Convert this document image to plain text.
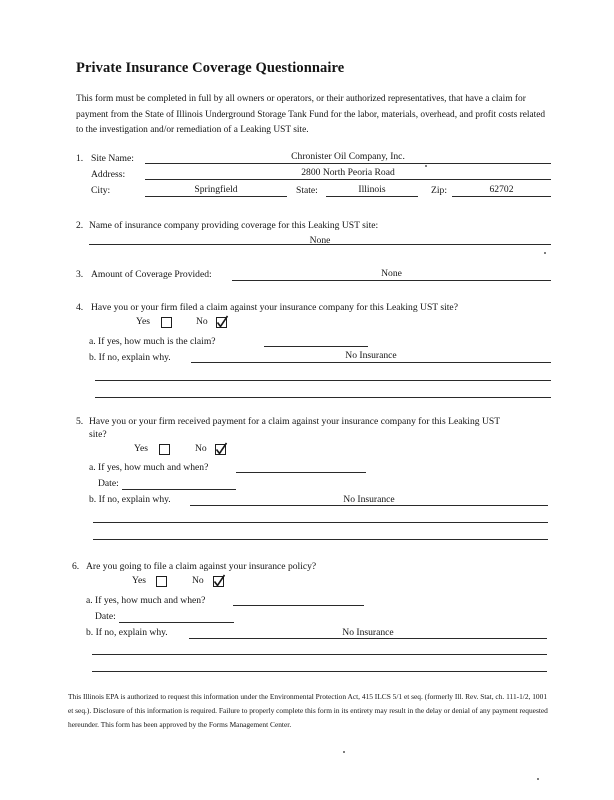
Private Insurance Coverage Questionnaire
This form must be completed in full by all owners or operators, or their authorized representatives, that have a claim for payment from the State of Illinois Underground Storage Tank Fund for the labor, materials, overhead, and profit costs related to the investigation and/or remediation of a Leaking UST site.
1. Site Name:	Chronister Oil Company, Inc.
Address:	2800 North Peoria Road
City:	Springfield	State:	Illinois	Zip:	62702
2. Name of insurance company providing coverage for this Leaking UST site:
None
3. Amount of Coverage Provided:	None
4. Have you or your firm filed a claim against your insurance company for this Leaking UST site?
Yes	No
a. If yes, how much is the claim?
b. If no, explain why.	No Insurance
5. Have you or your firm received payment for a claim against your insurance company for this Leaking UST
site?
Yes	No
a. If yes, how much and when?
Date:
b. If no, explain why.	No Insurance
6. Are you going to file a claim against your insurance policy?
Yes	No
a. If yes, how much and when?
Date:
b. If no, explain why.	No Insurance
This Illinois EPA is authorized to request this information under the Environmental Protection Act, 415 ILCS 5/1 et seq. (formerly Ill. Rev. Stat, ch. 111-1/2, 1001 et seq.). Disclosure of this information is required. Failure to properly complete this form in its entirety may result in the delay or denial of any payment requested hereunder. This form has been approved by the Forms Management Center.
